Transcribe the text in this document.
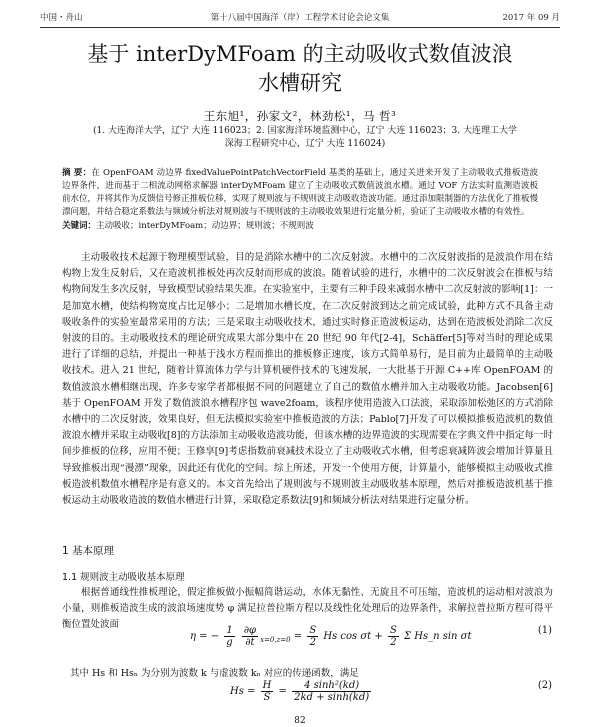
中国・舟山	第十八届中国海洋（岸）工程学术讨论会论文集	2017 年 09 月
基于 interDyMFoam 的主动吸收式数值波浪
水槽研究
王东旭¹，孙家文²，林劲松¹，马 哲³
(1. 大连海洋大学，辽宁 大连 116023；2. 国家海洋环境监测中心，辽宁 大连 116023；3. 大连理工大学
深海工程研究中心，辽宁 大连 116024)
摘 要：在 OpenFOAM 动边界 fixedValuePointPatchVectorField 基类的基础上，通过关进来开发了主动吸收式推板造波边界条件，进而基于二相流动网格求解器 interDyMFoam 建立了主动吸收式数值波浪水槽。通过 VOF 方法实时监测造波板前水位，并将其作为反馈信号修正推板位移，实现了规则波与不规则波主动吸收造波功能。通过添加限制器的方法优化了推板慢漂问题，并结合稳定系数法与频域分析法对规则波与不规则波的主动吸收效果进行定量分析，验证了主动吸收水槽的有效性。
关键词：主动吸收；interDyMFoam；动边界；规则波；不规则波
主动吸收技术起源于物理模型试验，目的是消除水槽中的二次反射波。水槽中的二次反射波指的是波浪作用在结构物上发生反射后，又在造波机推板处再次反射而形成的波浪。随着试验的进行，水槽中的二次反射波会在推板与结构物间发生多次反射，导致模型试验结果失准。在实验室中，主要有三种手段来减弱水槽中二次反射波的影响[1]：一是加宽水槽，使结构物宽度占比足够小；二是增加水槽长度，在二次反射波到达之前完成试验，此种方式不具备主动吸收条件的实验室最常采用的方法；三是采取主动吸收技术，通过实时修正造波板运动，达到在造波板处消除二次反射波的目的。主动吸收技术的理论研究成果大部分集中在 20 世纪 90 年代[2-4]，Schäffer[5]等对当时的理论成果进行了详细的总结，并提出一种基于浅水方程而推出的推板修正速度，该方式简单易行，是目前为止最简单的主动吸收技术。进入 21 世纪，随着计算流体力学与计算机硬件技术的飞速发展，一大批基于开源 C++库 OpenFOAM 的数值波浪水槽相继出现，许多专家学者都根据不同的问题建立了自己的数值水槽并加入主动吸收功能。Jacobsen[6]基于 OpenFOAM 开发了数值波浪水槽程序包 wave2foam，该程序使用造波入口法波，采取添加松弛区的方式消除水槽中的二次反射波，效果良好，但无法模拟实验室中推板造波的方法；Pablo[7]开发了可以模拟推板造波机的数值波浪水槽并采取主动吸收[8]的方法添加主动吸收造波功能，但该水槽的边界造波的实现需要在字典文件中指定每一时间步推板的位移，应用不便；王修享[9]考虑指数前衰减技术设立了主动吸收式水槽，但考虑衰减阵波会增加计算量且导致推板出现“漫漂”现象，因此还有优化的空间。综上所述，开发一个使用方便，计算量小，能够模拟主动吸收式推板造波机数值水槽程序是有意义的。本文首先给出了规则波与不规则波主动吸收基本原理，然后对推板造波机基于推板运动主动吸收造波的数值水槽进行计算，采取稳定系数法[9]和频域分析法对结果进行定量分析。
1 基本原理
1.1 规则波主动吸收基本原理
根据普通线性推板理论，假定推板做小振幅简谐运动，水体无黏性、无旋且不可压缩，造波机的运动相对波浪为小量，则推板造波生成的波浪场速度势 φ 满足拉普拉斯方程以及线性化处理后的边界条件，求解拉普拉斯方程可得平衡位置处波面
η = − $\frac{1}{g}$
$\frac{\partial\varphi}{\partial t} _{x=0,z=0} = \frac{S}{2}$ Hs $\cos \sigma t + \frac{S}{2}$ Σ Hs_n sin σt
(1)
其中 Hs 和 Hsₙ 为分别为波数 k 与虚波数 kₙ 对应的传递函数，满足
$Hs = \frac{H}{S} = \frac{\text{4 sinh²(kd)}}{2kd + \sinh(kd)}$	(2)
82
